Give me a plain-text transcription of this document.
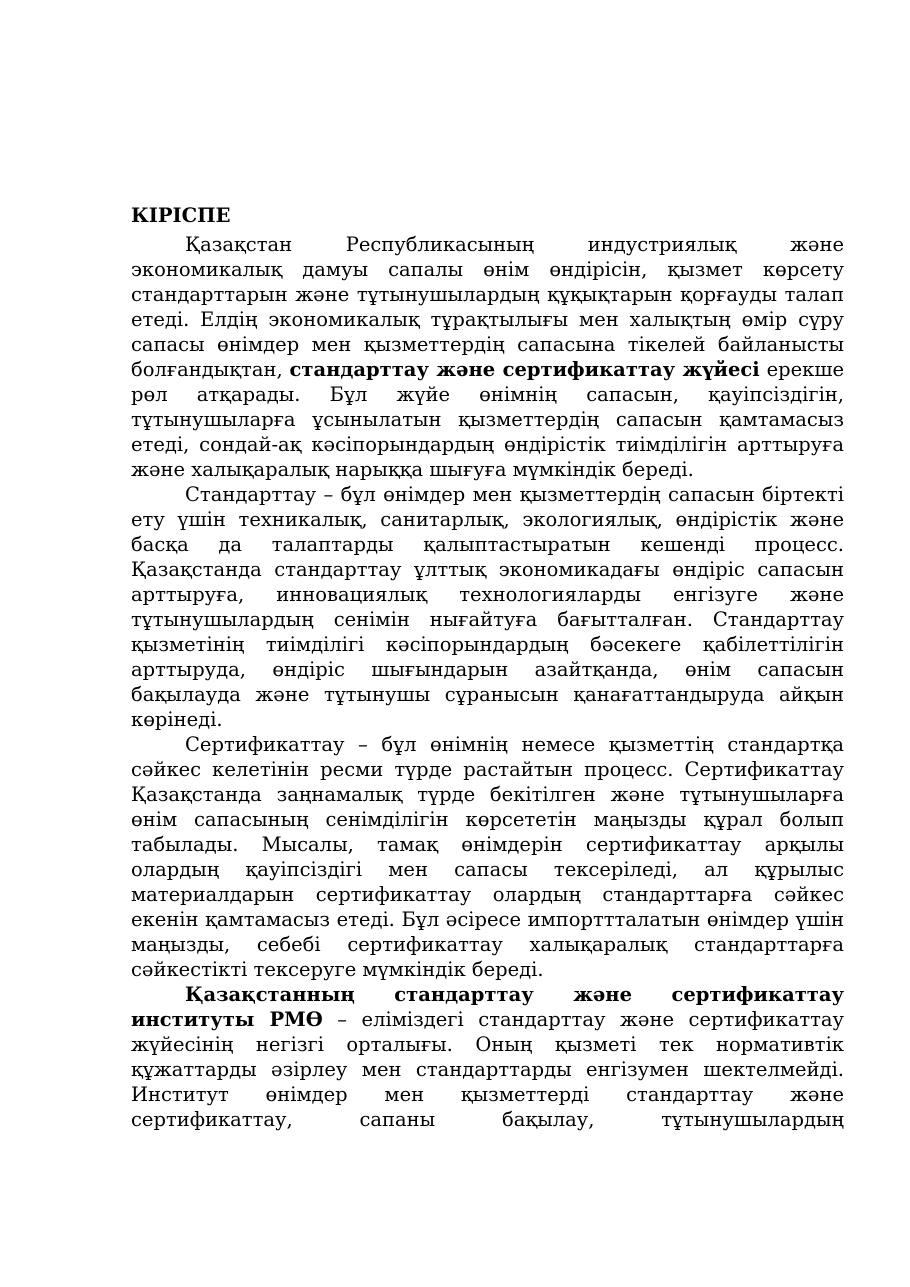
КІРІСПЕ

Қазақстан Республикасының индустриялық және экономикалық дамуы сапалы өнім өндірісін, қызмет көрсету стандарттарын және тұтынушылардың құқықтарын қорғауды талап етеді. Елдің экономикалық тұрақтылығы мен халықтың өмір сүру сапасы өнімдер мен қызметтердің сапасына тікелей байланысты болғандықтан, стандарттау және сертификаттау жүйесі ерекше рөл атқарады. Бұл жүйе өнімнің сапасын, қауіпсіздігін, тұтынушыларға ұсынылатын қызметтердің сапасын қамтамасыз етеді, сондай-ақ кәсіпорындардың өндірістік тиімділігін арттыруға және халықаралық нарыққа шығуға мүмкіндік береді.

Стандарттау – бұл өнімдер мен қызметтердің сапасын біртекті ету үшін техникалық, санитарлық, экологиялық, өндірістік және басқа да талаптарды қалыптастыратын кешенді процесс. Қазақстанда стандарттау ұлттық экономикадағы өндіріс сапасын арттыруға, инновациялық технологияларды енгізуге және тұтынушылардың сенімін нығайтуға бағытталған. Стандарттау қызметінің тиімділігі кәсіпорындардың бәсекеге қабілеттілігін арттыруда, өндіріс шығындарын азайтқанда, өнім сапасын бақылауда және тұтынушы сұранысын қанағаттандыруда айқын көрінеді.

Сертификаттау – бұл өнімнің немесе қызметтің стандартқа сәйкес келетінін ресми түрде растайтын процесс. Сертификаттау Қазақстанда заңнамалық түрде бекітілген және тұтынушыларға өнім сапасының сенімділігін көрсететін маңызды құрал болып табылады. Мысалы, тамақ өнімдерін сертификаттау арқылы олардың қауіпсіздігі мен сапасы тексеріледі, ал құрылыс материалдарын сертификаттау олардың стандарттарға сәйкес екенін қамтамасыз етеді. Бұл әсіресе импорттталатын өнімдер үшін маңызды, себебі сертификаттау халықаралық стандарттарға сәйкестікті тексеруге мүмкіндік береді.

Қазақстанның стандарттау және сертификаттау институты РМӨ – еліміздегі стандарттау және сертификаттау жүйесінің негізгі орталығы. Оның қызметі тек нормативтік құжаттарды әзірлеу мен стандарттарды енгізумен шектелмейді. Институт өнімдер мен қызметтерді стандарттау және сертификаттау, сапаны бақылау, тұтынушылардың
